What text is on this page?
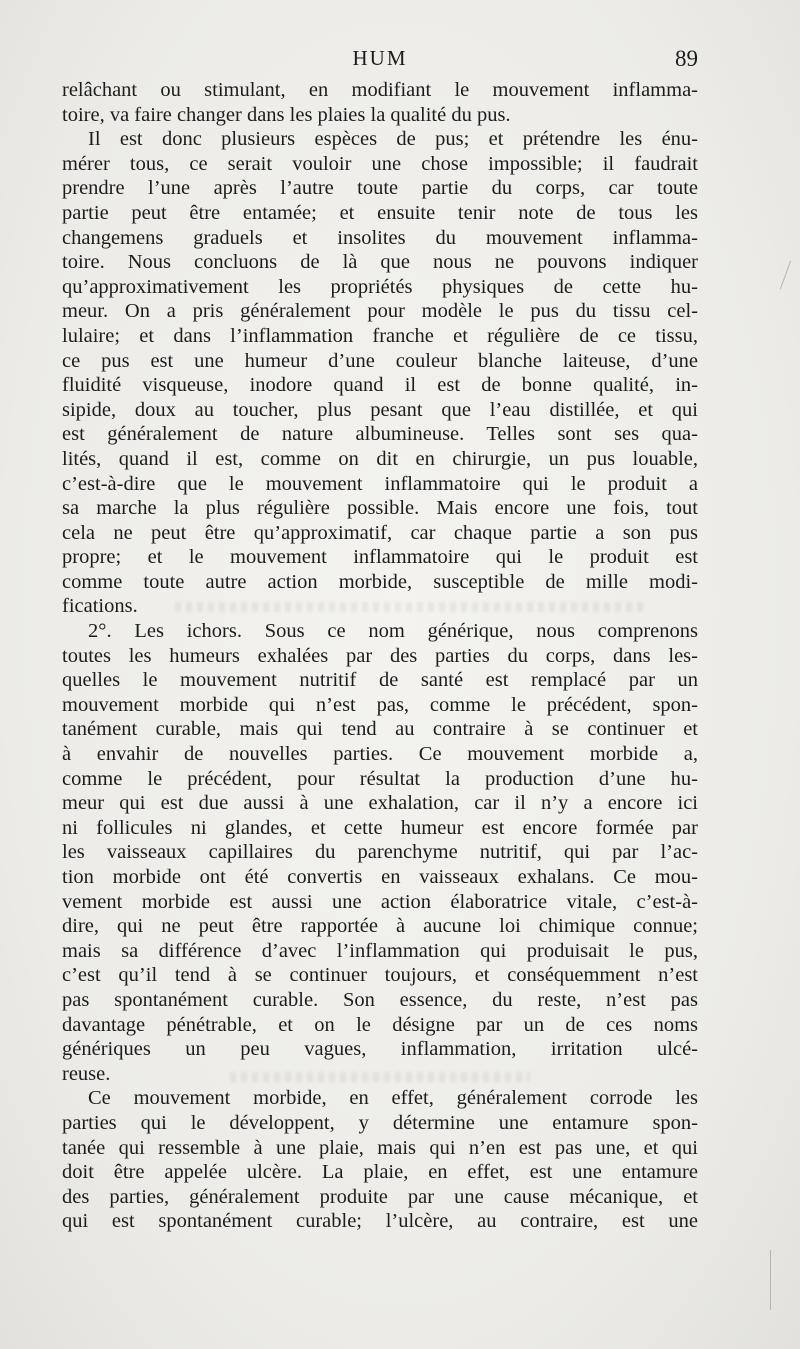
HUM	89
relâchant ou stimulant, en modifiant le mouvement inflamma-
toire, va faire changer dans les plaies la qualité du pus.
Il est donc plusieurs espèces de pus; et prétendre les énu-
mérer tous, ce serait vouloir une chose impossible; il faudrait
prendre l’une après l’autre toute partie du corps, car toute
partie peut être entamée; et ensuite tenir note de tous les
changemens graduels et insolites du mouvement inflamma-
toire. Nous concluons de là que nous ne pouvons indiquer
qu’approximativement les propriétés physiques de cette hu-
meur. On a pris généralement pour modèle le pus du tissu cel-
lulaire; et dans l’inflammation franche et régulière de ce tissu,
ce pus est une humeur d’une couleur blanche laiteuse, d’une
fluidité visqueuse, inodore quand il est de bonne qualité, in-
sipide, doux au toucher, plus pesant que l’eau distillée, et qui
est généralement de nature albumineuse. Telles sont ses qua-
lités, quand il est, comme on dit en chirurgie, un pus louable,
c’est-à-dire que le mouvement inflammatoire qui le produit a
sa marche la plus régulière possible. Mais encore une fois, tout
cela ne peut être qu’approximatif, car chaque partie a son pus
propre; et le mouvement inflammatoire qui le produit est
comme toute autre action morbide, susceptible de mille modi-
fications.
2°. Les ichors. Sous ce nom générique, nous comprenons
toutes les humeurs exhalées par des parties du corps, dans les-
quelles le mouvement nutritif de santé est remplacé par un
mouvement morbide qui n’est pas, comme le précédent, spon-
tanément curable, mais qui tend au contraire à se continuer et
à envahir de nouvelles parties. Ce mouvement morbide a,
comme le précédent, pour résultat la production d’une hu-
meur qui est due aussi à une exhalation, car il n’y a encore ici
ni follicules ni glandes, et cette humeur est encore formée par
les vaisseaux capillaires du parenchyme nutritif, qui par l’ac-
tion morbide ont été convertis en vaisseaux exhalans. Ce mou-
vement morbide est aussi une action élaboratrice vitale, c’est-à-
dire, qui ne peut être rapportée à aucune loi chimique connue;
mais sa différence d’avec l’inflammation qui produisait le pus,
c’est qu’il tend à se continuer toujours, et conséquemment n’est
pas spontanément curable. Son essence, du reste, n’est pas
davantage pénétrable, et on le désigne par un de ces noms
génériques un peu vagues, inflammation, irritation ulcé-
reuse.
Ce mouvement morbide, en effet, généralement corrode les
parties qui le développent, y détermine une entamure spon-
tanée qui ressemble à une plaie, mais qui n’en est pas une, et qui
doit être appelée ulcère. La plaie, en effet, est une entamure
des parties, généralement produite par une cause mécanique, et
qui est spontanément curable; l’ulcère, au contraire, est une
